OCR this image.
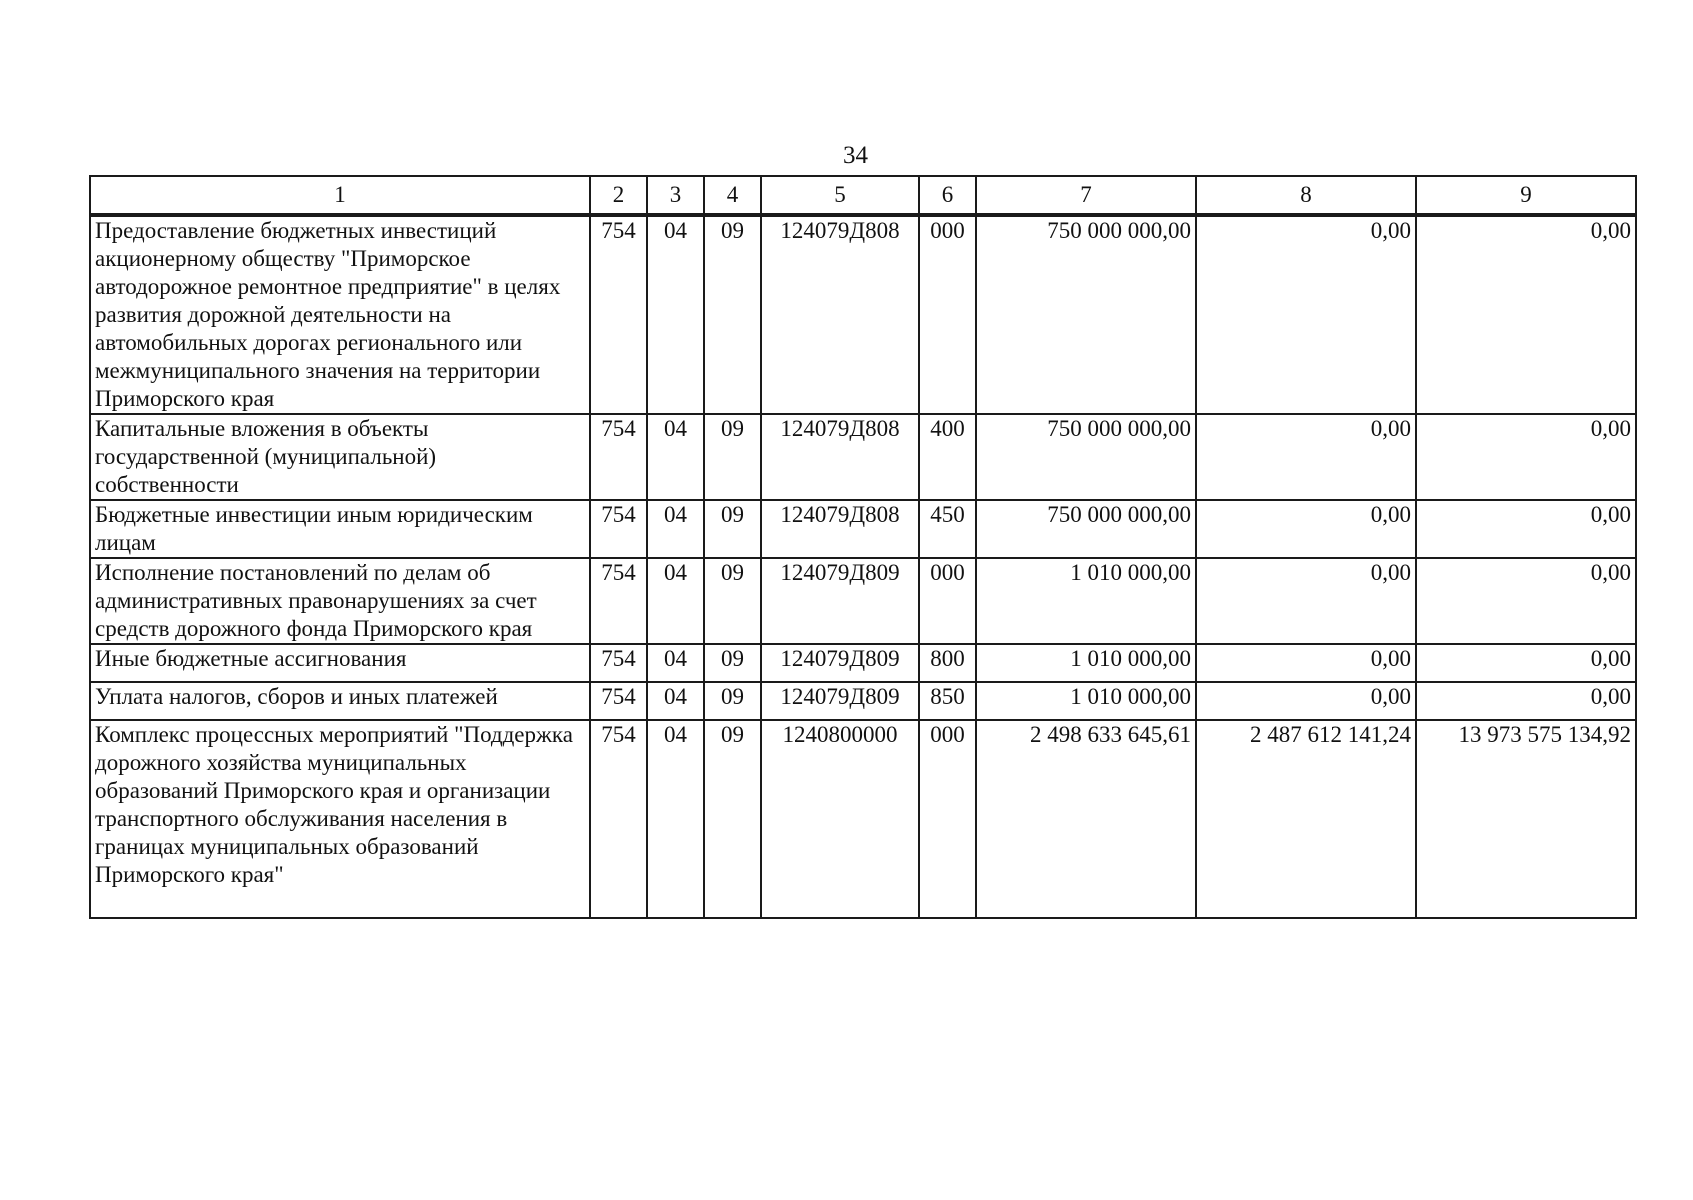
34
1	2	3	4	5	6	7	8	9
Предоставление бюджетных инвестиций акционерному обществу "Приморское автодорожное ремонтное предприятие" в целях развития дорожной деятельности на автомобильных дорогах регионального или межмуниципального значения на территории Приморского края	754	04	09	124079Д808	000	750 000 000,00	0,00	0,00
Капитальные вложения в объекты государственной (муниципальной) собственности	754	04	09	124079Д808	400	750 000 000,00	0,00	0,00
Бюджетные инвестиции иным юридическим лицам	754	04	09	124079Д808	450	750 000 000,00	0,00	0,00
Исполнение постановлений по делам об административных правонарушениях за счет средств дорожного фонда Приморского края	754	04	09	124079Д809	000	1 010 000,00	0,00	0,00
Иные бюджетные ассигнования	754	04	09	124079Д809	800	1 010 000,00	0,00	0,00
Уплата налогов, сборов и иных платежей	754	04	09	124079Д809	850	1 010 000,00	0,00	0,00
Комплекс процессных мероприятий "Поддержка дорожного хозяйства муниципальных образований Приморского края и организации транспортного обслуживания населения в границах муниципальных образований Приморского края"	754	04	09	1240800000	000	2 498 633 645,61	2 487 612 141,24	13 973 575 134,92
